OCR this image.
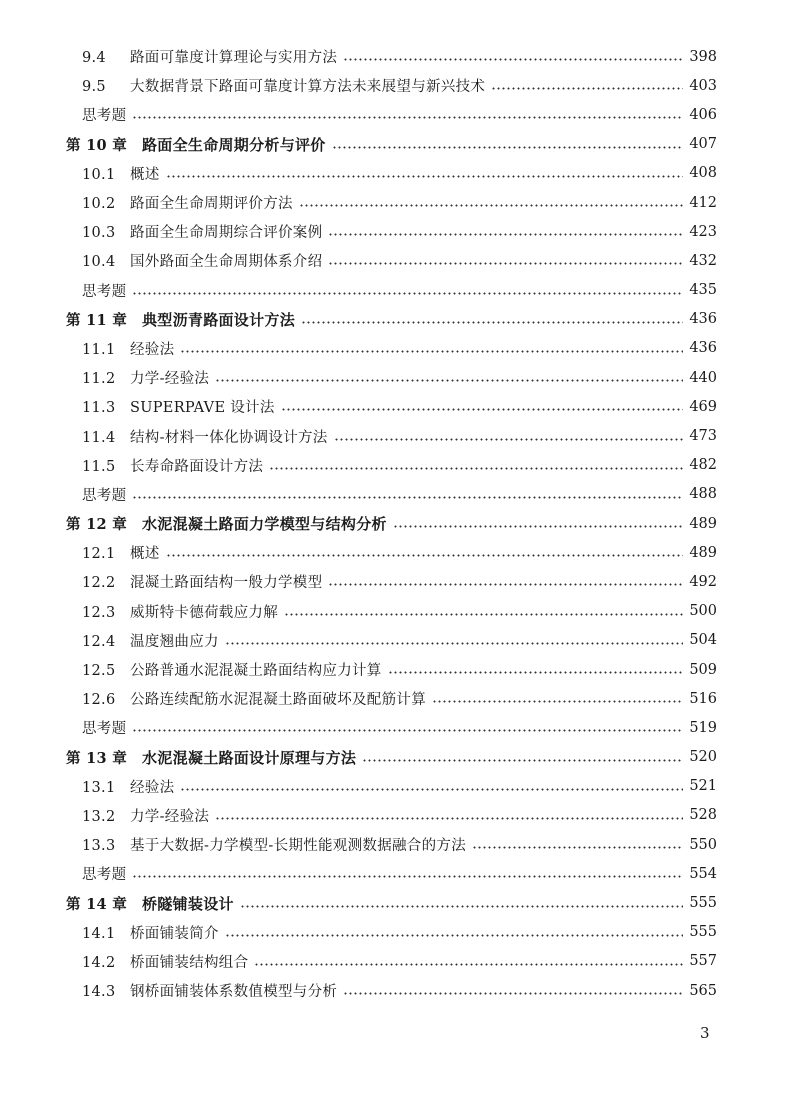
9.4 路面可靠度计算理论与实用方法	398
9.5 大数据背景下路面可靠度计算方法未来展望与新兴技术	403
思考题	406
第 10 章 路面全生命周期分析与评价	407
10.1 概述	408
10.2 路面全生命周期评价方法	412
10.3 路面全生命周期综合评价案例	423
10.4 国外路面全生命周期体系介绍	432
思考题	435
第 11 章 典型沥青路面设计方法	436
11.1 经验法	436
11.2 力学-经验法	440
11.3 SUPERPAVE 设计法	469
11.4 结构-材料一体化协调设计方法	473
11.5 长寿命路面设计方法	482
思考题	488
第 12 章 水泥混凝土路面力学模型与结构分析	489
12.1 概述	489
12.2 混凝土路面结构一般力学模型	492
12.3 威斯特卡德荷载应力解	500
12.4 温度翘曲应力	504
12.5 公路普通水泥混凝土路面结构应力计算	509
12.6 公路连续配筋水泥混凝土路面破坏及配筋计算	516
思考题	519
第 13 章 水泥混凝土路面设计原理与方法	520
13.1 经验法	521
13.2 力学-经验法	528
13.3 基于大数据-力学模型-长期性能观测数据融合的方法	550
思考题	554
第 14 章 桥隧铺装设计	555
14.1 桥面铺装简介	555
14.2 桥面铺装结构组合	557
14.3 钢桥面铺装体系数值模型与分析	565
3
